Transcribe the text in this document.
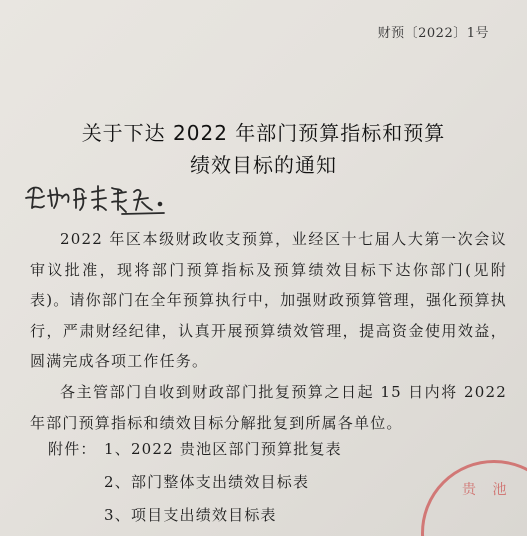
财预〔2022〕1号
关于下达 2022 年部门预算指标和预算
绩效目标的通知
2022 年区本级财政收支预算，业经区十七届人大第一次会议审议批准，现将部门预算指标及预算绩效目标下达你部门(见附表)。请你部门在全年预算执行中，加强财政预算管理，强化预算执行，严肃财经纪律，认真开展预算绩效管理，提高资金使用效益，圆满完成各项工作任务。
各主管部门自收到财政部门批复预算之日起 15 日内将 2022 年部门预算指标和绩效目标分解批复到所属各单位。
附件： 1、2022 贵池区部门预算批复表
2、部门整体支出绩效目标表
3、项目支出绩效目标表
贵 池
